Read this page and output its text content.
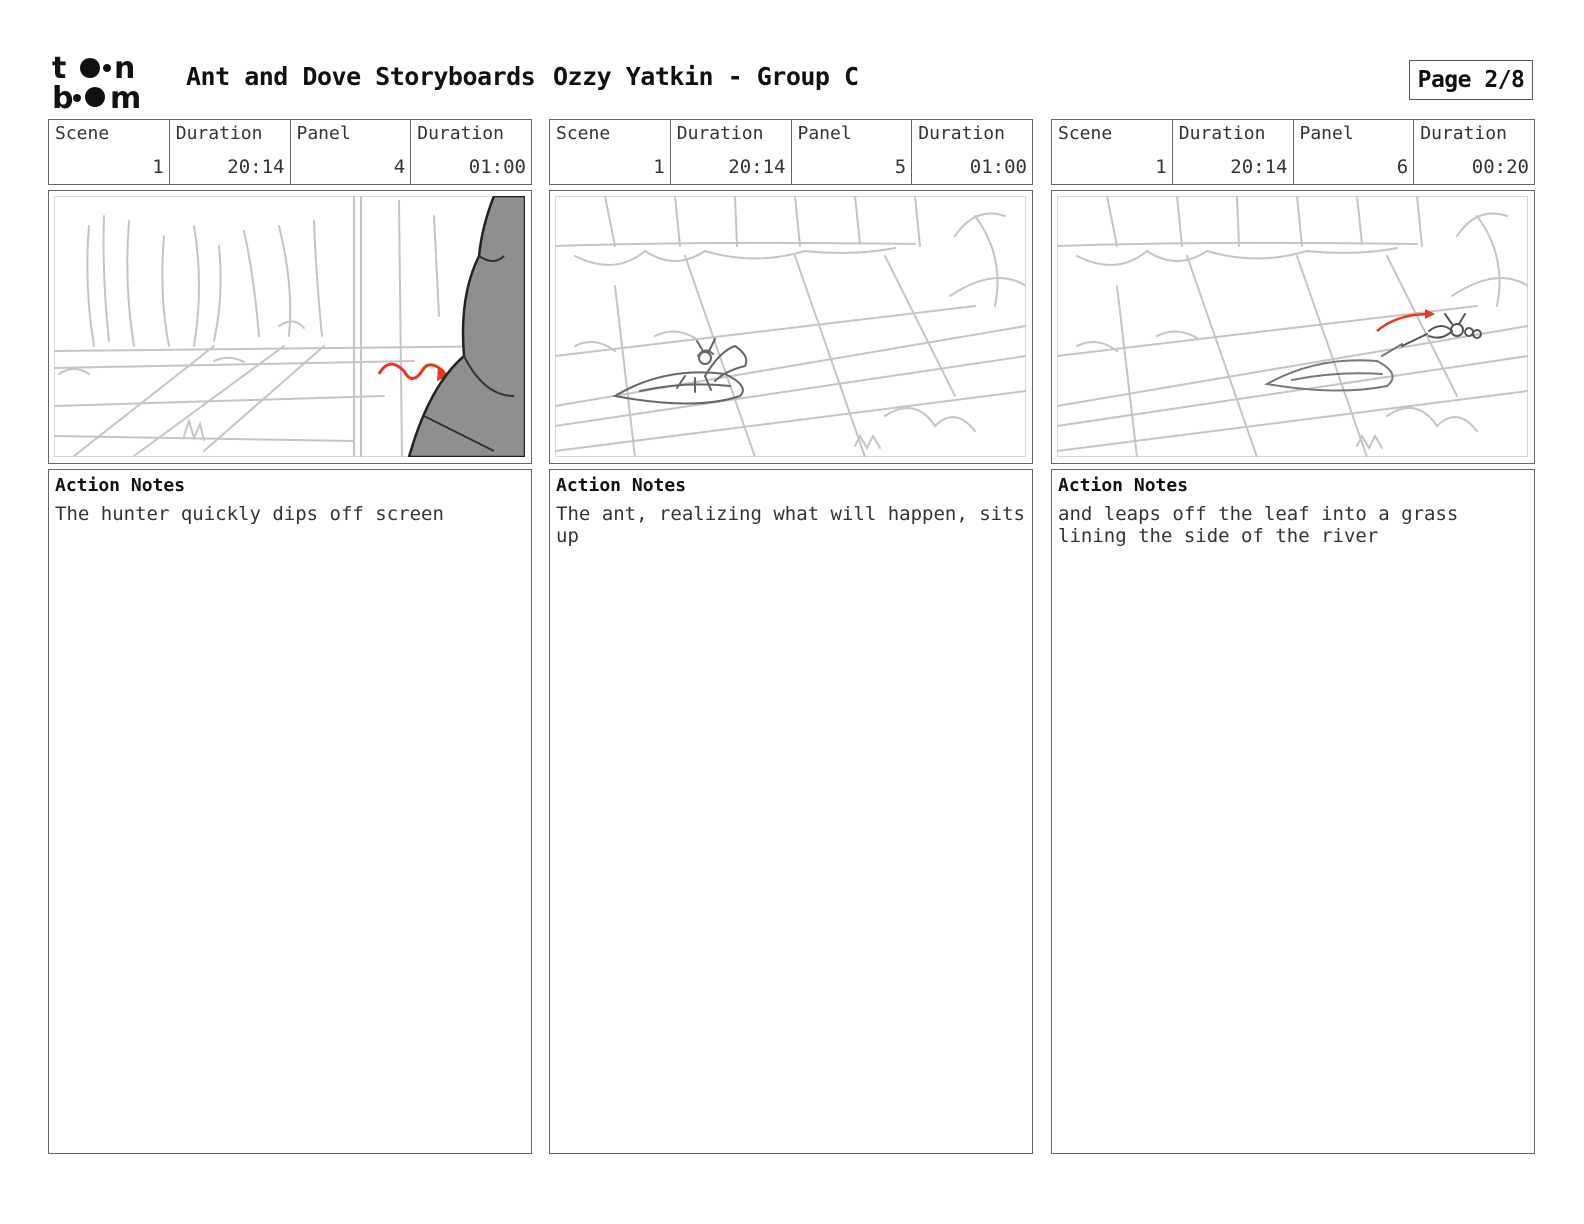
t n
b m
Ant and Dove Storyboards Ozzy Yatkin - Group C	Page 2/8
Scene
1
Duration
20:14
Panel
4
Duration
01:00
Action Notes
The hunter quickly dips off screen
Scene
1
Duration
20:14
Panel
5
Duration
01:00
Action Notes
The ant, realizing what will happen, sits up
Scene
1
Duration
20:14
Panel
6
Duration
00:20
Action Notes
and leaps off the leaf into a grass lining the side of the river
